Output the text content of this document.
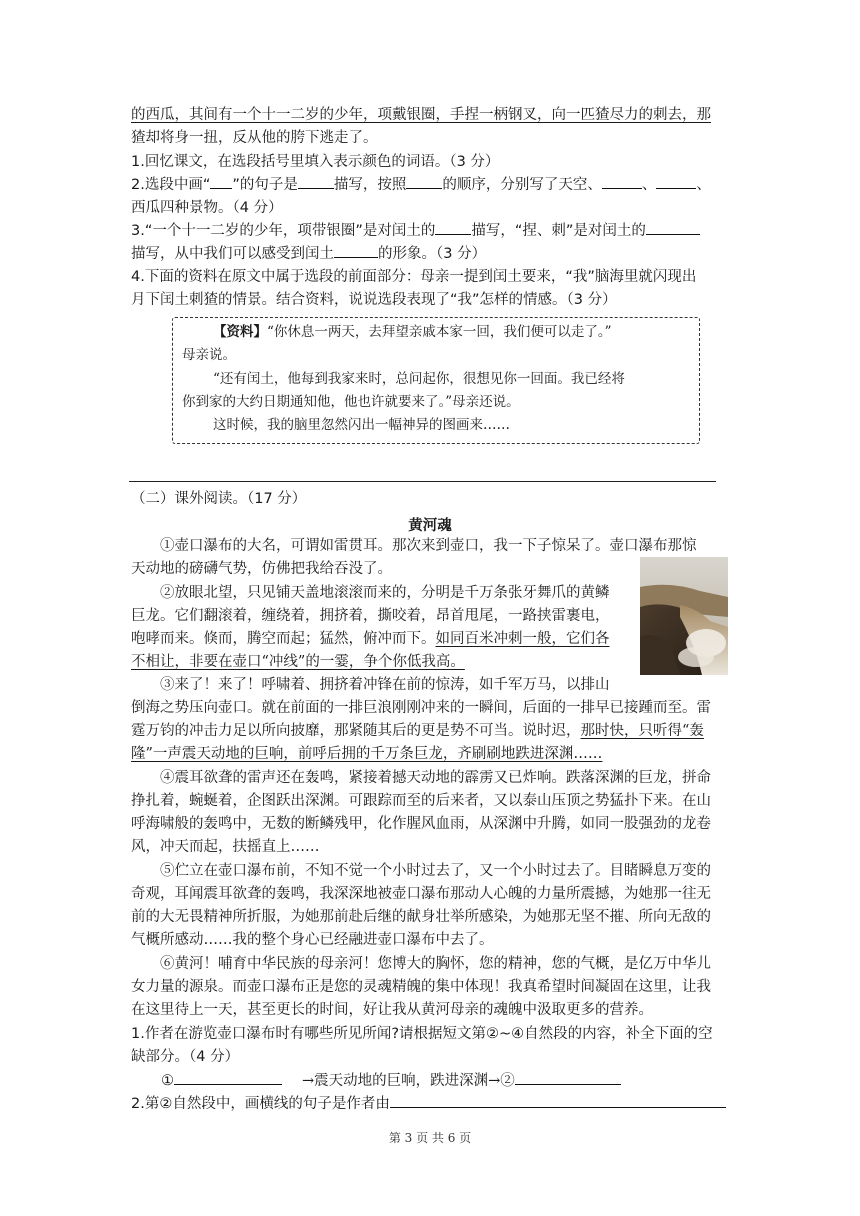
的西瓜，其间有一个十一二岁的少年，项戴银圈，手捏一柄钢叉，向一匹猹尽力的刺去，那
猹却将身一扭，反从他的胯下逃走了。
1.回忆课文，在选段括号里填入表示颜色的词语。（3 分）
2.选段中画“ ”的句子是 描写，按照 的顺序，分别写了天空、	、	、
西瓜四种景物。（4 分）
3.“一个十一二岁的少年，项带银圈”是对闰土的 描写，“捏、刺”是对闰土的
描写，从中我们可以感受到闰土	的形象。（3 分）
4.下面的资料在原文中属于选段的前面部分：母亲一提到闰土要来，“我”脑海里就闪现出
月下闰土刺猹的情景。结合资料，说说选段表现了“我”怎样的情感。（3 分）
【资料】“你休息一两天，去拜望亲戚本家一回，我们便可以走了。”
母亲说。
“还有闰土，他每到我家来时，总问起你，很想见你一回面。我已经将
你到家的大约日期通知他，他也许就要来了。”母亲还说。
这时候，我的脑里忽然闪出一幅神异的图画来……
（二）课外阅读。（17 分）
黄河魂
①壶口瀑布的大名，可谓如雷贯耳。那次来到壶口，我一下子惊呆了。壶口瀑布那惊
天动地的磅礴气势，仿佛把我给吞没了。
②放眼北望，只见铺天盖地滚滚而来的，分明是千万条张牙舞爪的黄鳞
巨龙。它们翻滚着，缠绕着，拥挤着，撕咬着，昂首甩尾，一路挟雷裹电，
咆哮而来。倏而，腾空而起；猛然，俯冲而下。如同百米冲刺一般，它们各
不相让，非要在壶口“冲线”的一霎，争个你低我高。
③来了！来了！呼啸着、拥挤着冲锋在前的惊涛，如千军万马，以排山
倒海之势压向壶口。就在前面的一排巨浪刚刚冲来的一瞬间，后面的一排早已接踵而至。雷
霆万钧的冲击力足以所向披靡，那紧随其后的更是势不可当。说时迟，那时快，只听得“轰
隆”一声震天动地的巨响，前呼后拥的千万条巨龙，齐刷刷地跌进深渊……
④震耳欲聋的雷声还在轰鸣，紧接着撼天动地的霹雳又已炸响。跌落深渊的巨龙，拼命
挣扎着，蜿蜒着，企图跃出深渊。可跟踪而至的后来者，又以泰山压顶之势猛扑下来。在山
呼海啸般的轰鸣中，无数的断鳞残甲，化作腥风血雨，从深渊中升腾，如同一股强劲的龙卷
风，冲天而起，扶摇直上……
⑤伫立在壶口瀑布前，不知不觉一个小时过去了，又一个小时过去了。目睹瞬息万变的
奇观，耳闻震耳欲聋的轰鸣，我深深地被壶口瀑布那动人心魄的力量所震撼，为她那一往无
前的大无畏精神所折服，为她那前赴后继的献身壮举所感染，为她那无坚不摧、所向无敌的
气概所感动……我的整个身心已经融进壶口瀑布中去了。
⑥黄河！哺育中华民族的母亲河！您博大的胸怀，您的精神，您的气概，是亿万中华儿
女力量的源泉。而壶口瀑布正是您的灵魂精魄的集中体现！我真希望时间凝固在这里，让我
在这里待上一天，甚至更长的时间，好让我从黄河母亲的魂魄中汲取更多的营养。
1.作者在游览壶口瀑布时有哪些所见所闻?请根据短文第②~④自然段的内容，补全下面的空
缺部分。（4 分）
①	→震天动地的巨响，跌进深渊→②
2.第②自然段中，画横线的句子是作者由
第 3 页 共 6 页
